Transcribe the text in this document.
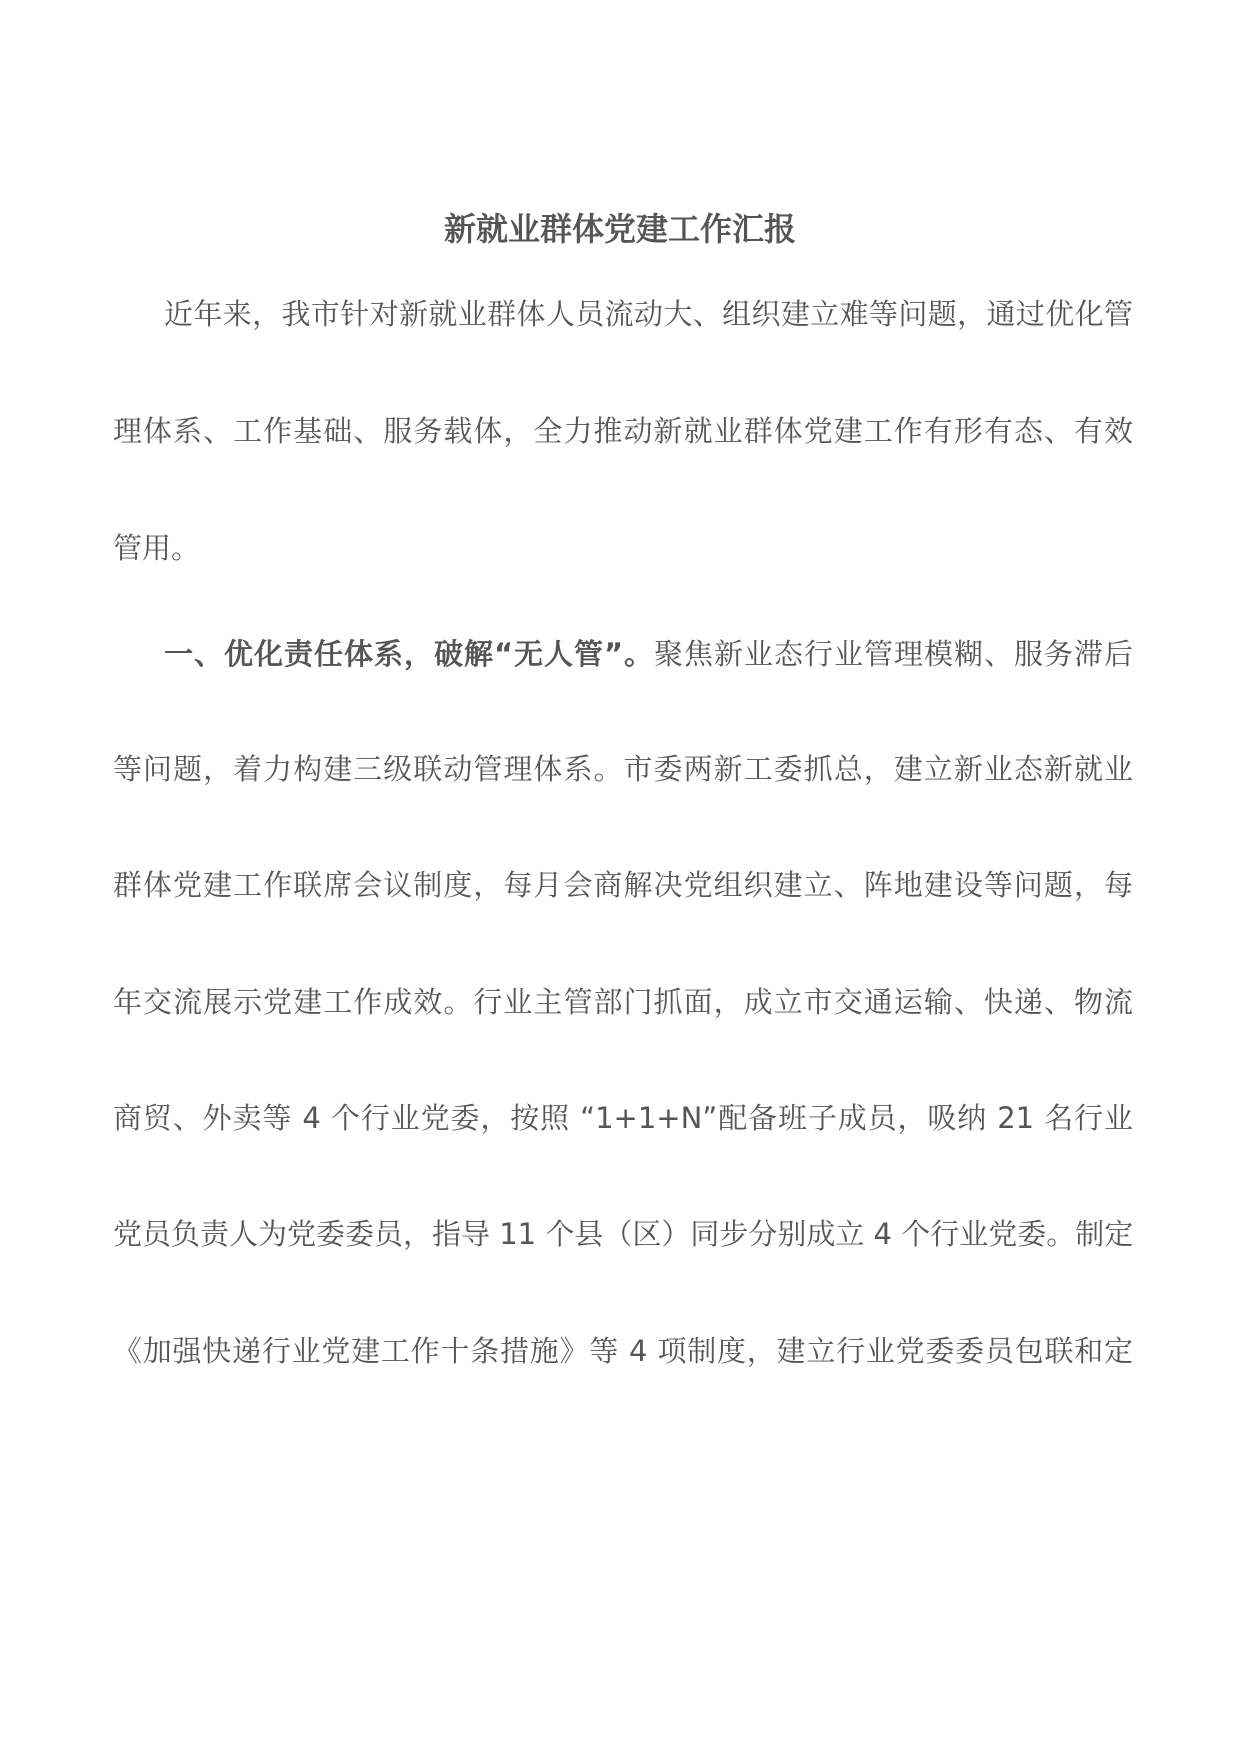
新就业群体党建工作汇报
近年来，我市针对新就业群体人员流动大、组织建立难等问题，通过优化管
理体系、工作基础、服务载体，全力推动新就业群体党建工作有形有态、有效
管用。
一、优化责任体系，破解“无人管”。聚焦新业态行业管理模糊、服务滞后
等问题，着力构建三级联动管理体系。市委两新工委抓总，建立新业态新就业
群体党建工作联席会议制度，每月会商解决党组织建立、阵地建设等问题，每
年交流展示党建工作成效。行业主管部门抓面，成立市交通运输、快递、物流
商贸、外卖等 4 个行业党委，按照 “1+1+N”配备班子成员，吸纳 21 名行业
党员负责人为党委委员，指导 11 个县（区）同步分别成立 4 个行业党委。制定
《加强快递行业党建工作十条措施》等 4 项制度，建立行业党委委员包联和定
